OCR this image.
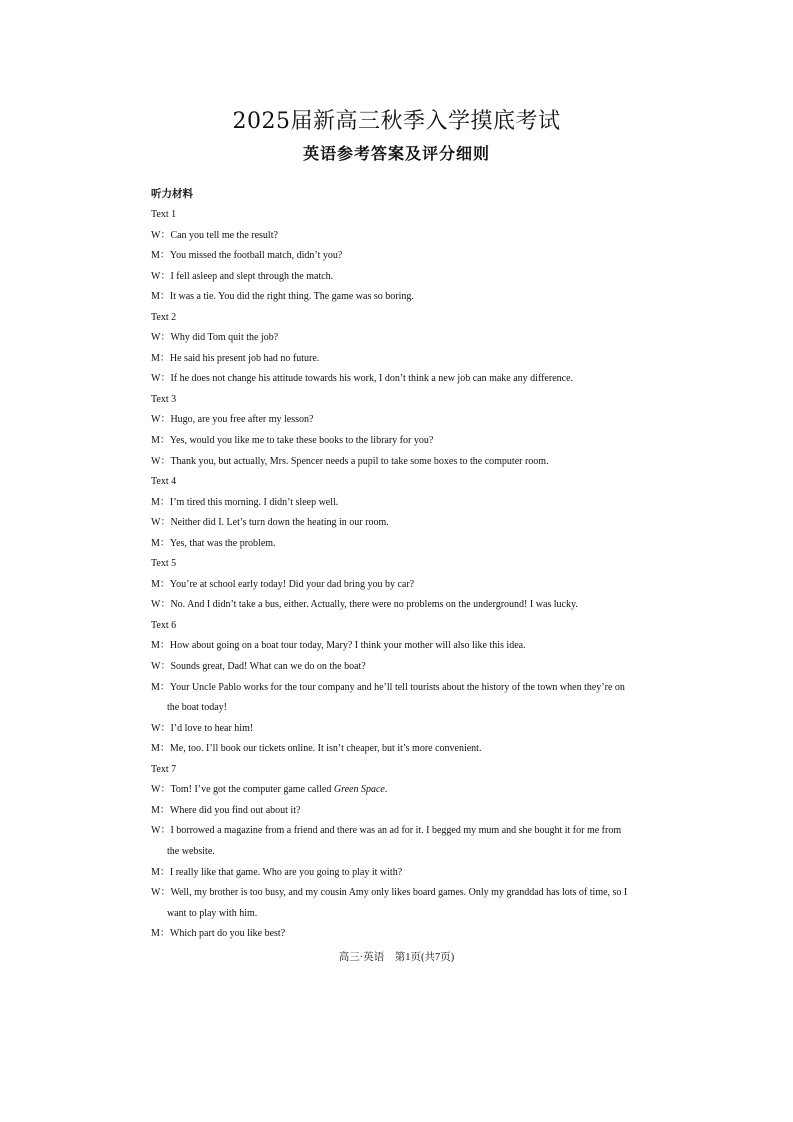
2025届新高三秋季入学摸底考试
英语参考答案及评分细则
听力材料
Text 1
W：Can you tell me the result?
M：You missed the football match, didn’t you?
W：I fell asleep and slept through the match.
M：It was a tie. You did the right thing. The game was so boring.
Text 2
W：Why did Tom quit the job?
M：He said his present job had no future.
W：If he does not change his attitude towards his work, I don’t think a new job can make any difference.
Text 3
W：Hugo, are you free after my lesson?
M：Yes, would you like me to take these books to the library for you?
W：Thank you, but actually, Mrs. Spencer needs a pupil to take some boxes to the computer room.
Text 4
M：I’m tired this morning. I didn’t sleep well.
W：Neither did I. Let’s turn down the heating in our room.
M：Yes, that was the problem.
Text 5
M：You’re at school early today! Did your dad bring you by car?
W：No. And I didn’t take a bus, either. Actually, there were no problems on the underground! I was lucky.
Text 6
M：How about going on a boat tour today, Mary? I think your mother will also like this idea.
W：Sounds great, Dad! What can we do on the boat?
M：Your Uncle Pablo works for the tour company and he’ll tell tourists about the history of the town when they’re on
the boat today!
W：I’d love to hear him!
M：Me, too. I’ll book our tickets online. It isn’t cheaper, but it’s more convenient.
Text 7
W：Tom! I’ve got the computer game called Green Space.
M：Where did you find out about it?
W：I borrowed a magazine from a friend and there was an ad for it. I begged my mum and she bought it for me from
the website.
M：I really like that game. Who are you going to play it with?
W：Well, my brother is too busy, and my cousin Amy only likes board games. Only my granddad has lots of time, so I
want to play with him.
M：Which part do you like best?
高三·英语　第1页(共7页)
